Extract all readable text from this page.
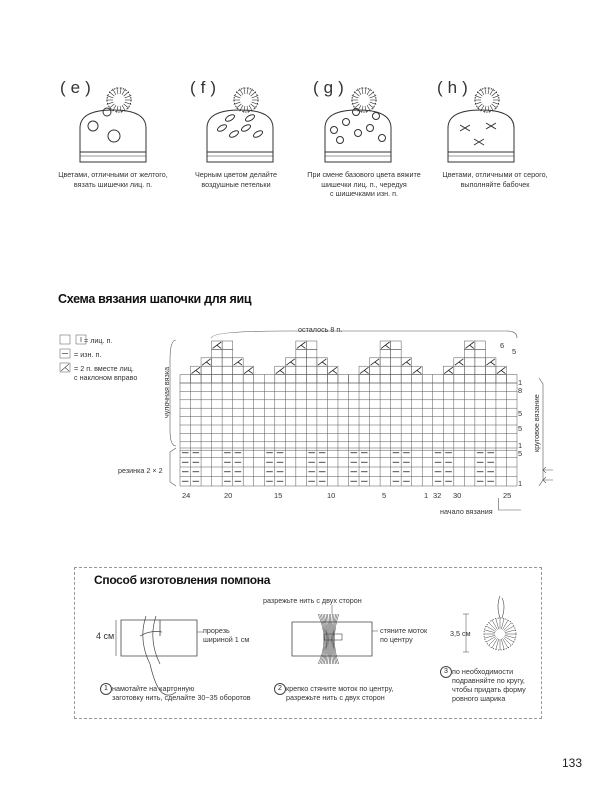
(e)	(f)	(g)	(h)
Цветами, отличными от желтого,
вязать шишечки лиц. п.
Черным цветом делайте
воздушные петельки
При смене базового цвета вяжите
шишечки лиц. п., чередуя
с шишечками изн. п.
Цветами, отличными от серого,
выполняйте бабочек
Схема вязания шапочки для яиц
= лиц. п.
= изн. п.
= 2 п. вместе лиц.
с наклоном вправо
осталось 8 п.
чулочная вязка
резинка 2 × 2
круговое вязание
начало вязания
6
5
1
8
5
5
1
5
1
24	20	15	10	5	1 32 30	25
Способ изготовления помпона
4 см
прорезь
шириной 1 см
разрежьте нить с двух сторон
стяните моток
по центру
3,5 см
1 намотайте на картонную
заготовку нить, сделайте 30~35 оборотов
2 крепко стяните моток по центру,
разрежьте нить с двух сторон
3 по необходимости
подравняйте по кругу,
чтобы придать форму
ровного шарика
133
